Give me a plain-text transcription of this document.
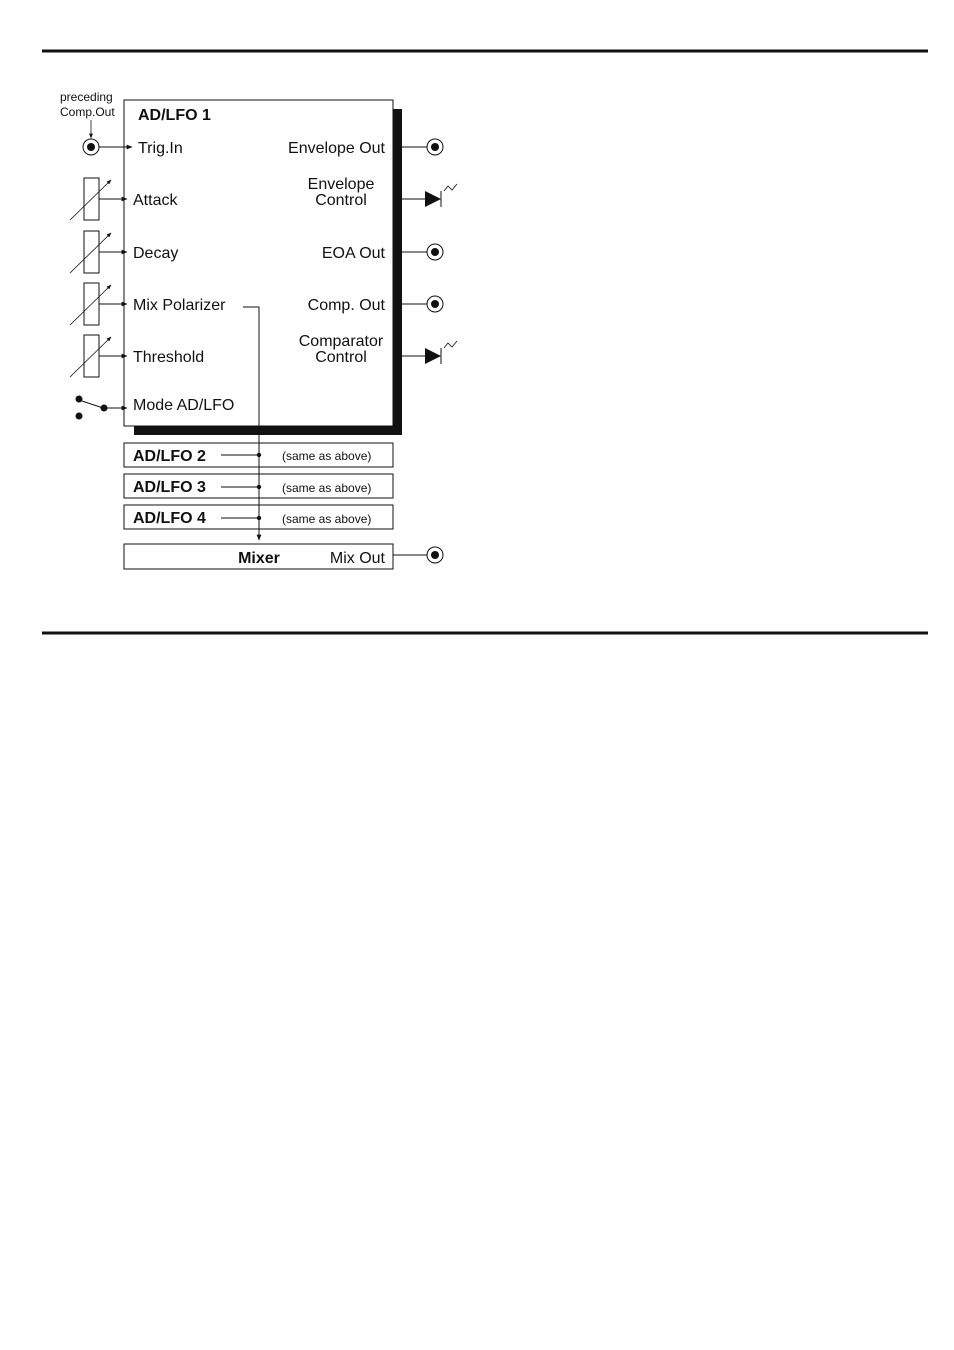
AD/LFO 1
preceding
Comp.Out
Trig.In
Attack
Decay
Mix Polarizer
Threshold
Mode AD/LFO
Envelope Out
Envelope
Control
EOA Out
Comp. Out
Comparator
Control
AD/LFO 2	(same as above)
AD/LFO 3	(same as above)
AD/LFO 4	(same as above)
Mixer	Mix Out
